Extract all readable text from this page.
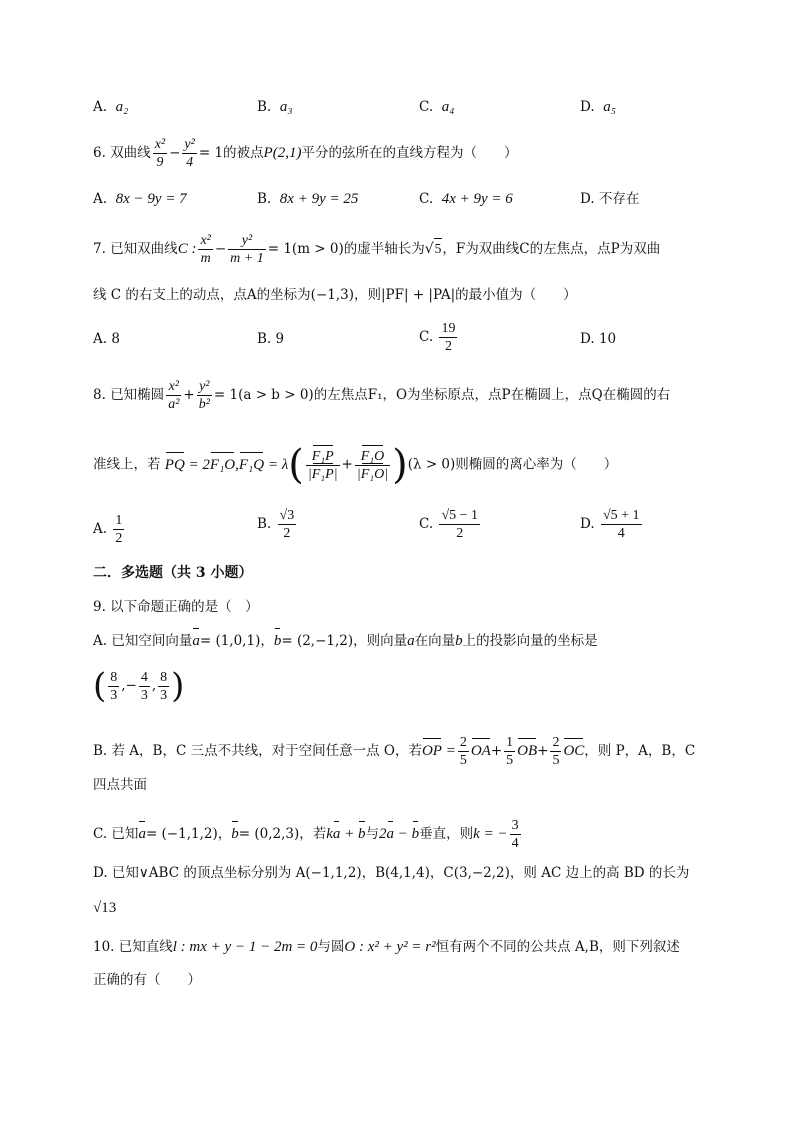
A. a₂	B. a₃	C. a₄	D. a₅
6. 双曲线 $\frac{\text{x²}}{9} - \frac{\text{y²}}{4} = 1$的被点P(2,1)平分的弦所在的直线方程为（　　）
A.  8x − 9y = 7	B.  8x + 9y = 25	C.  4x + 9y = 6	D. 不存在
7. 已知双曲线C : $\frac{\text{x²}}{m} - \frac{\text{y²}}{m + 1} = 1(m > 0)$的虚半轴长为√5，F为双曲线C的左焦点，点P为双曲
线 C 的右支上的动点，点A的坐标为(−1,3)，则|PF| + |PA|的最小值为（　　）
A. 8	B. 9	C. $\frac{19}{2}$	D. 10
8. 已知椭圆 $\frac{\text{x²}}{\text{a²}} + \frac{\text{y²}}{\text{b²}} = 1(a > b > 0)$的左焦点F₁，O为坐标原点，点P在椭圆上，点Q在椭圆的右
准线上，若 PQ = $2F_1O,F_1Q = \lambda( \frac{\text{F₁P}}{\text{|F₁P|}} + \frac{\text{F₁O}}{\text{|F₁O|}} )(\lambda > 0)$则椭圆的离心率为（　　）
A. $\frac{1}{2}$	B. $\frac{√3}{2}$	C. $\frac{√5 - 1}{2}$	D. $\frac{√5 + 1}{4}$
二．多选题（共 3 小题）
9. 以下命题正确的是（　）
A. 已知空间向量a= (1,0,1)，b= (2,−1,2)，则向量a在向量b上的投影向量的坐标是
( $\frac{8}{3}$ ,− $\frac{4}{3}$ , $\frac{8}{3}$ )
B. 若 A，B，C 三点不共线，对于空间任意一点 O，若OP = $\frac{2}{5} OA+ \frac{1}{5} OB+ \frac{2}{5}$ OC，则 P，A，B，C
四点共面
C. 已知a= (−1,1,2)，b= (0,2,3)，若ka + b与2a − b垂直，则k = − $\frac{3}{4}$
D. 已知∨ABC 的顶点坐标分别为 A(−1,1,2)，B(4,1,4)，C(3,−2,2)，则 AC 边上的高 BD 的长为
√13
10. 已知直线l : mx + y − 1 − 2m = 0与圆O : x² + y² = r²恒有两个不同的公共点 A,B，则下列叙述
正确的有（　　）
